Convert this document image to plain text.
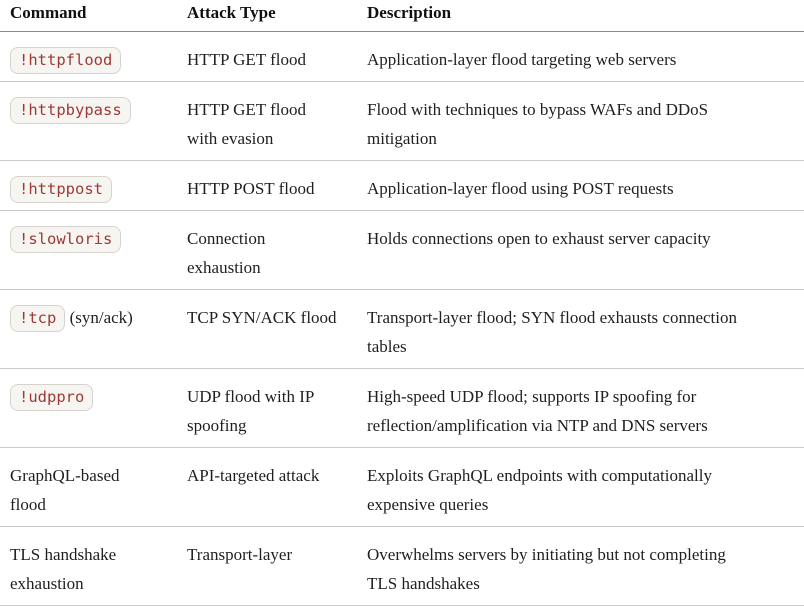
Command	Attack Type	Description
!httpflood	HTTP GET flood	Application-layer flood targeting web servers
!httpbypass	HTTP GET flood with evasion	Flood with techniques to bypass WAFs and DDoS mitigation
!httppost	HTTP POST flood	Application-layer flood using POST requests
!slowloris	Connection exhaustion	Holds connections open to exhaust server capacity
!tcp (syn/ack)	TCP SYN/ACK flood	Transport-layer flood; SYN flood exhausts connection tables
!udppro	UDP flood with IP spoofing	High-speed UDP flood; supports IP spoofing for reflection/amplification via NTP and DNS servers
GraphQL-based flood	API-targeted attack	Exploits GraphQL endpoints with computationally expensive queries
TLS handshake exhaustion	Transport-layer	Overwhelms servers by initiating but not completing TLS handshakes
